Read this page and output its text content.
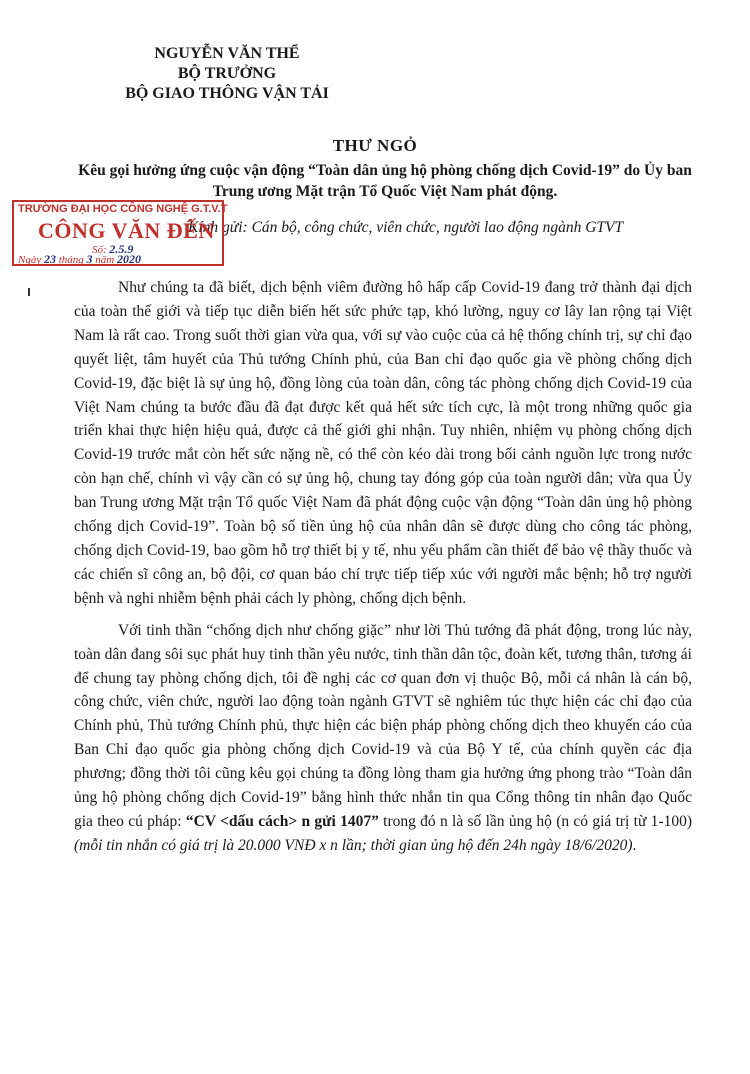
NGUYỄN VĂN THỂ
BỘ TRƯỞNG
BỘ GIAO THÔNG VẬN TẢI
THƯ NGỎ
Kêu gọi hưởng ứng cuộc vận động “Toàn dân ủng hộ phòng chống dịch Covid-19” do Ủy ban Trung ương Mặt trận Tổ Quốc Việt Nam phát động.
Kính gửi: Cán bộ, công chức, viên chức, người lao động ngành GTVT
TRƯỜNG ĐẠI HỌC CÔNG NGHỆ G.T.V.T
CÔNG VĂN ĐẾN
Số: 2.5.9
Ngày 23 tháng 3 năm 2020

Như chúng ta đã biết, dịch bệnh viêm đường hô hấp cấp Covid-19 đang trở thành đại dịch của toàn thế giới và tiếp tục diễn biến hết sức phức tạp, khó lường, nguy cơ lây lan rộng tại Việt Nam là rất cao. Trong suốt thời gian vừa qua, với sự vào cuộc của cả hệ thống chính trị, sự chỉ đạo quyết liệt, tâm huyết của Thủ tướng Chính phủ, của Ban chỉ đạo quốc gia về phòng chống dịch Covid-19, đặc biệt là sự ủng hộ, đồng lòng của toàn dân, công tác phòng chống dịch Covid-19 của Việt Nam chúng ta bước đầu đã đạt được kết quả hết sức tích cực, là một trong những quốc gia triển khai thực hiện hiệu quả, được cả thế giới ghi nhận. Tuy nhiên, nhiệm vụ phòng chống dịch Covid-19 trước mắt còn hết sức nặng nề, có thể còn kéo dài trong bối cảnh nguồn lực trong nước còn hạn chế, chính vì vậy cần có sự ủng hộ, chung tay đóng góp của toàn người dân; vừa qua Ủy ban Trung ương Mặt trận Tổ quốc Việt Nam đã phát động cuộc vận động “Toàn dân ủng hộ phòng chống dịch Covid-19”. Toàn bộ số tiền ủng hộ của nhân dân sẽ được dùng cho công tác phòng, chống dịch Covid-19, bao gồm hỗ trợ thiết bị y tế, nhu yếu phẩm cần thiết để bảo vệ thầy thuốc và các chiến sĩ công an, bộ đội, cơ quan báo chí trực tiếp tiếp xúc với người mắc bệnh; hỗ trợ người bệnh và nghi nhiễm bệnh phải cách ly phòng, chống dịch bệnh.

Với tinh thần “chống dịch như chống giặc” như lời Thủ tướng đã phát động, trong lúc này, toàn dân đang sôi sục phát huy tinh thần yêu nước, tinh thần dân tộc, đoàn kết, tương thân, tương ái để chung tay phòng chống dịch, tôi đề nghị các cơ quan đơn vị thuộc Bộ, mỗi cá nhân là cán bộ, công chức, viên chức, người lao động toàn ngành GTVT sẽ nghiêm túc thực hiện các chỉ đạo của Chính phủ, Thủ tướng Chính phủ, thực hiện các biện pháp phòng chống dịch theo khuyến cáo của Ban Chỉ đạo quốc gia phòng chống dịch Covid-19 và của Bộ Y tế, của chính quyền các địa phương; đồng thời tôi cũng kêu gọi chúng ta đồng lòng tham gia hưởng ứng phong trào “Toàn dân ủng hộ phòng chống dịch Covid-19” bằng hình thức nhắn tin qua Cổng thông tin nhân đạo Quốc gia theo cú pháp: “CV <dấu cách> n gửi 1407” trong đó n là số lần ủng hộ (n có giá trị từ 1-100) (mỗi tin nhắn có giá trị là 20.000 VNĐ x n lần; thời gian ủng hộ đến 24h ngày 18/6/2020).
